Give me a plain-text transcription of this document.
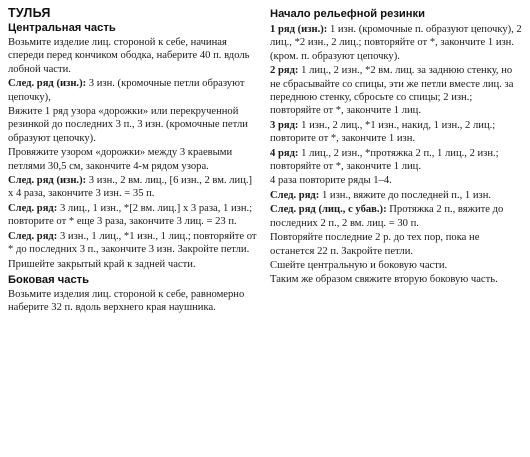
ТУЛЬЯ
Центральная часть

Возьмите изделие лиц. стороной к себе, начиная спереди перед кончиком ободка, наберите 40 п. вдоль лобной части.

След. ряд (изн.): 3 изн. (кромочные петли образуют цепочку),

Вяжите 1 ряд узора «дорожки» или перекрученной резинкой до последних 3 п., 3 изн. (кромочные петли образуют цепочку).

Провяжите узором «дорожки» между 3 краевыми петлями 30,5 см, закончите 4-м рядом узора.

След. ряд (изн.): 3 изн., 2 вм. лиц., [6 изн., 2 вм. лиц.] х 4 раза, закончите 3 изн. = 35 п.

След. ряд: 3 лиц., 1 изн., *[2 вм. лиц.] х 3 раза, 1 изн.; повторите от * еще 3 раза, закончите 3 лиц. = 23 п.

След. ряд: 3 изн., 1 лиц., *1 изн., 1 лиц.; повторяйте от * до последних 3 п., закончите 3 изн. Закройте петли.

Пришейте закрытый край к задней части.

Боковая часть

Возьмите изделия лиц. стороной к себе, равномерно наберите 32 п. вдоль верхнего края наушника.

Начало рельефной резинки

1 ряд (изн.): 1 изн. (кромочные п. образуют цепочку), 2 лиц., *2 изн., 2 лиц.; повторяйте от *, закончите 1 изн. (кром. п. образуют цепочку).

2 ряд: 1 лиц., 2 изн., *2 вм. лиц. за заднюю стенку, но не сбрасывайте со спицы, эти же петли вместе лиц. за переднюю стенку, сбросьте со спицы; 2 изн.; повторяйте от *, закончите 1 лиц.

3 ряд: 1 изн., 2 лиц., *1 изн., накид, 1 изн., 2 лиц.; повторите от *, закончите 1 изн.

4 ряд: 1 лиц., 2 изн., *протяжка 2 п., 1 лиц., 2 изн.; повторяйте от *, закончите 1 лиц.

4 раза повторите ряды 1–4.

След. ряд: 1 изн., вяжите до последней п., 1 изн.

След. ряд (лиц., с убав.): Протяжка 2 п., вяжите до последних 2 п., 2 вм. лиц. = 30 п.

Повторяйте последние 2 р. до тех пор, пока не останется 22 п. Закройте петли.

Сшейте центральную и боковую части.

Таким же образом свяжите вторую боковую часть.
